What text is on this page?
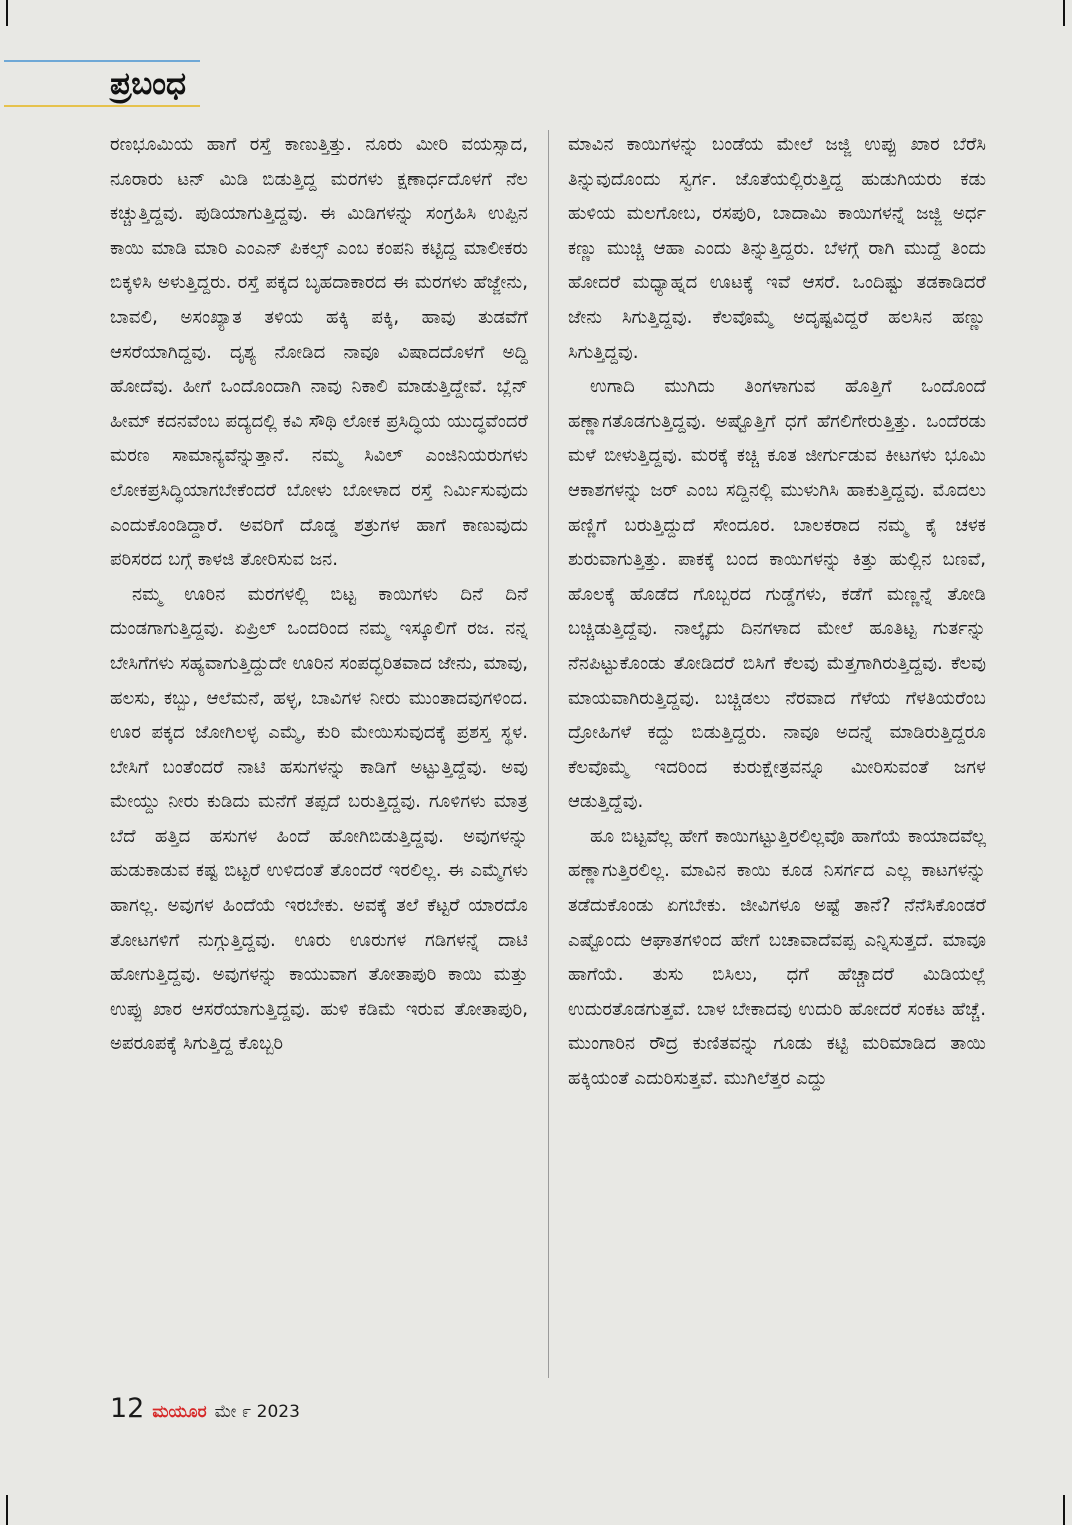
ಪ್ರಬಂಧ

ರಣಭೂಮಿಯ ಹಾಗೆ ರಸ್ತೆ ಕಾಣುತ್ತಿತ್ತು. ನೂರು ಮೀರಿ ವಯಸ್ಸಾದ, ನೂರಾರು ಟನ್ ಮಿಡಿ ಬಿಡುತ್ತಿದ್ದ ಮರಗಳು ಕ್ಷಣಾರ್ಧದೊಳಗೆ ನೆಲ ಕಚ್ಚುತ್ತಿದ್ದವು. ಪುಡಿಯಾಗುತ್ತಿದ್ದವು. ಈ ಮಿಡಿಗಳನ್ನು ಸಂಗ್ರಹಿಸಿ ಉಪ್ಪಿನ ಕಾಯಿ ಮಾಡಿ ಮಾರಿ ಎಂಎನ್ ಪಿಕಲ್ಸ್ ಎಂಬ ಕಂಪನಿ ಕಟ್ಟಿದ್ದ ಮಾಲೀಕರು ಬಿಕ್ಕಳಿಸಿ ಅಳುತ್ತಿದ್ದರು. ರಸ್ತೆ ಪಕ್ಕದ ಬೃಹದಾಕಾರದ ಈ ಮರಗಳು ಹೆಜ್ಜೇನು, ಬಾವಲಿ, ಅಸಂಖ್ಯಾತ ತಳಿಯ ಹಕ್ಕಿ ಪಕ್ಕಿ, ಹಾವು ತುಡವೆಗೆ ಆಸರೆಯಾಗಿದ್ದವು. ದೃಶ್ಯ ನೋಡಿದ ನಾವೂ ವಿಷಾದದೊಳಗೆ ಅದ್ದಿ ಹೋದೆವು. ಹೀಗೆ ಒಂದೊಂದಾಗಿ ನಾವು ನಿಕಾಲಿ ಮಾಡುತ್ತಿದ್ದೇವೆ. ಬ್ಲೆನ್ ಹೀಮ್ ಕದನವೆಂಬ ಪದ್ಯದಲ್ಲಿ ಕವಿ ಸೌಥಿ ಲೋಕ ಪ್ರಸಿದ್ಧಿಯ ಯುದ್ಧವೆಂದರೆ ಮರಣ ಸಾಮಾನ್ಯವೆನ್ನುತ್ತಾನೆ. ನಮ್ಮ ಸಿವಿಲ್ ಎಂಜಿನಿಯರುಗಳು ಲೋಕಪ್ರಸಿದ್ಧಿಯಾಗಬೇಕೆಂದರೆ ಬೋಳು ಬೋಳಾದ ರಸ್ತೆ ನಿರ್ಮಿಸುವುದು ಎಂದುಕೊಂಡಿದ್ದಾರೆ. ಅವರಿಗೆ ದೊಡ್ಡ ಶತ್ರುಗಳ ಹಾಗೆ ಕಾಣುವುದು ಪರಿಸರದ ಬಗ್ಗೆ ಕಾಳಜಿ ತೋರಿಸುವ ಜನ.

ನಮ್ಮ ಊರಿನ ಮರಗಳಲ್ಲಿ ಬಿಟ್ಟ ಕಾಯಿಗಳು ದಿನೆ ದಿನೆ ದುಂಡಗಾಗುತ್ತಿದ್ದವು. ಏಪ್ರಿಲ್ ಒಂದರಿಂದ ನಮ್ಮ ಇಸ್ಕೂಲಿಗೆ ರಜ. ನನ್ನ ಬೇಸಿಗೆಗಳು ಸಹ್ಯವಾಗುತ್ತಿದ್ದುದೇ ಊರಿನ ಸಂಪದ್ಭರಿತವಾದ ಜೇನು, ಮಾವು, ಹಲಸು, ಕಬ್ಬು, ಆಲೆಮನೆ, ಹಳ್ಳ, ಬಾವಿಗಳ ನೀರು ಮುಂತಾದವುಗಳಿಂದ. ಊರ ಪಕ್ಕದ ಜೋಗಿಲಳ್ಳ ಎಮ್ಮೆ, ಕುರಿ ಮೇಯಿಸುವುದಕ್ಕೆ ಪ್ರಶಸ್ತ ಸ್ಥಳ. ಬೇಸಿಗೆ ಬಂತೆಂದರೆ ನಾಟಿ ಹಸುಗಳನ್ನು ಕಾಡಿಗೆ ಅಟ್ಟುತ್ತಿದ್ದೆವು. ಅವು ಮೇಯ್ದು ನೀರು ಕುಡಿದು ಮನೆಗೆ ತಪ್ಪದೆ ಬರುತ್ತಿದ್ದವು. ಗೂಳಿಗಳು ಮಾತ್ರ ಬೆದೆ ಹತ್ತಿದ ಹಸುಗಳ ಹಿಂದೆ ಹೋಗಿಬಿಡುತ್ತಿದ್ದವು. ಅವುಗಳನ್ನು ಹುಡುಕಾಡುವ ಕಷ್ಟ ಬಿಟ್ಟರೆ ಉಳಿದಂತೆ ತೊಂದರೆ ಇರಲಿಲ್ಲ. ಈ ಎಮ್ಮೆಗಳು ಹಾಗಲ್ಲ. ಅವುಗಳ ಹಿಂದೆಯೆ ಇರಬೇಕು. ಅವಕ್ಕೆ ತಲೆ ಕೆಟ್ಟರೆ ಯಾರದೊ ತೋಟಗಳಿಗೆ ನುಗ್ಗುತ್ತಿದ್ದವು. ಊರು ಊರುಗಳ ಗಡಿಗಳನ್ನೆ ದಾಟಿ ಹೋಗುತ್ತಿದ್ದವು. ಅವುಗಳನ್ನು ಕಾಯುವಾಗ ತೋತಾಪುರಿ ಕಾಯಿ ಮತ್ತು ಉಪ್ಪು ಖಾರ ಆಸರೆಯಾಗುತ್ತಿದ್ದವು. ಹುಳಿ ಕಡಿಮೆ ಇರುವ ತೋತಾಪುರಿ, ಅಪರೂಪಕ್ಕೆ ಸಿಗುತ್ತಿದ್ದ ಕೊಬ್ಬರಿ

ಮಾವಿನ ಕಾಯಿಗಳನ್ನು ಬಂಡೆಯ ಮೇಲೆ ಜಜ್ಜಿ ಉಪ್ಪು ಖಾರ ಬೆರೆಸಿ ತಿನ್ನುವುದೊಂದು ಸ್ವರ್ಗ. ಜೊತೆಯಲ್ಲಿರುತ್ತಿದ್ದ ಹುಡುಗಿಯರು ಕಡು ಹುಳಿಯ ಮಲಗೋಬ, ರಸಪುರಿ, ಬಾದಾಮಿ ಕಾಯಿಗಳನ್ನೆ ಜಜ್ಜಿ ಅರ್ಧ ಕಣ್ಣು ಮುಚ್ಚಿ ಆಹಾ ಎಂದು ತಿನ್ನುತ್ತಿದ್ದರು. ಬೆಳಗ್ಗೆ ರಾಗಿ ಮುದ್ದೆ ತಿಂದು ಹೋದರೆ ಮಧ್ಯಾಹ್ನದ ಊಟಕ್ಕೆ ಇವೆ ಆಸರೆ. ಒಂದಿಷ್ಟು ತಡಕಾಡಿದರೆ ಜೇನು ಸಿಗುತ್ತಿದ್ದವು. ಕೆಲವೊಮ್ಮೆ ಅದೃಷ್ಟವಿದ್ದರೆ ಹಲಸಿನ ಹಣ್ಣು ಸಿಗುತ್ತಿದ್ದವು.

ಉಗಾದಿ ಮುಗಿದು ತಿಂಗಳಾಗುವ ಹೊತ್ತಿಗೆ ಒಂದೊಂದೆ ಹಣ್ಣಾಗತೊಡಗುತ್ತಿದ್ದವು. ಅಷ್ಟೊತ್ತಿಗೆ ಧಗೆ ಹೆಗಲಿಗೇರುತ್ತಿತ್ತು. ಒಂದೆರಡು ಮಳೆ ಬೀಳುತ್ತಿದ್ದವು. ಮರಕ್ಕೆ ಕಚ್ಚಿ ಕೂತ ಜೀರ್ಗುಡುವ ಕೀಟಗಳು ಭೂಮಿ ಆಕಾಶಗಳನ್ನು ಜರ್ ಎಂಬ ಸದ್ದಿನಲ್ಲಿ ಮುಳುಗಿಸಿ ಹಾಕುತ್ತಿದ್ದವು. ಮೊದಲು ಹಣ್ಣಿಗೆ ಬರುತ್ತಿದ್ದುದೆ ಸೇಂದೂರ. ಬಾಲಕರಾದ ನಮ್ಮ ಕೈ ಚಳಕ ಶುರುವಾಗುತ್ತಿತ್ತು. ಪಾಕಕ್ಕೆ ಬಂದ ಕಾಯಿಗಳನ್ನು ಕಿತ್ತು ಹುಲ್ಲಿನ ಬಣವೆ, ಹೊಲಕ್ಕೆ ಹೊಡೆದ ಗೊಬ್ಬರದ ಗುಡ್ಡೆಗಳು, ಕಡೆಗೆ ಮಣ್ಣನ್ನೆ ತೋಡಿ ಬಚ್ಚಿಡುತ್ತಿದ್ದೆವು. ನಾಲ್ಕೈದು ದಿನಗಳಾದ ಮೇಲೆ ಹೂತಿಟ್ಟ ಗುರ್ತನ್ನು ನೆನಪಿಟ್ಟುಕೊಂಡು ತೋಡಿದರೆ ಬಿಸಿಗೆ ಕೆಲವು ಮೆತ್ತಗಾಗಿರುತ್ತಿದ್ದವು. ಕೆಲವು ಮಾಯವಾಗಿರುತ್ತಿದ್ದವು. ಬಚ್ಚಿಡಲು ನೆರವಾದ ಗೆಳೆಯ ಗೆಳತಿಯರೆಂಬ ದ್ರೋಹಿಗಳೆ ಕದ್ದು ಬಿಡುತ್ತಿದ್ದರು. ನಾವೂ ಅದನ್ನೆ ಮಾಡಿರುತ್ತಿದ್ದರೂ ಕೆಲವೊಮ್ಮೆ ಇದರಿಂದ ಕುರುಕ್ಷೇತ್ರವನ್ನೂ ಮೀರಿಸುವಂತೆ ಜಗಳ ಆಡುತ್ತಿದ್ದೆವು.

ಹೂ ಬಿಟ್ಟವೆಲ್ಲ ಹೇಗೆ ಕಾಯಿಗಟ್ಟುತ್ತಿರಲಿಲ್ಲವೊ ಹಾಗೆಯೆ ಕಾಯಾದವೆಲ್ಲ ಹಣ್ಣಾಗುತ್ತಿರಲಿಲ್ಲ. ಮಾವಿನ ಕಾಯಿ ಕೂಡ ನಿಸರ್ಗದ ಎಲ್ಲ ಕಾಟಗಳನ್ನು ತಡೆದುಕೊಂಡು ಏಗಬೇಕು. ಜೀವಿಗಳೂ ಅಷ್ಟೆ ತಾನೆ? ನೆನೆಸಿಕೊಂಡರೆ ಎಷ್ಟೊಂದು ಆಘಾತಗಳಿಂದ ಹೇಗೆ ಬಚಾವಾದೆವಪ್ಪ ಎನ್ನಿಸುತ್ತದೆ. ಮಾವೂ ಹಾಗೆಯೆ. ತುಸು ಬಿಸಿಲು, ಧಗೆ ಹೆಚ್ಚಾದರೆ ಮಿಡಿಯಲ್ಲೆ ಉದುರತೊಡಗುತ್ತವೆ. ಬಾಳ ಬೇಕಾದವು ಉದುರಿ ಹೋದರೆ ಸಂಕಟ ಹೆಚ್ಚೆ. ಮುಂಗಾರಿನ ರೌದ್ರ ಕುಣಿತವನ್ನು ಗೂಡು ಕಟ್ಟಿ ಮರಿಮಾಡಿದ ತಾಯಿ ಹಕ್ಕಿಯಂತೆ ಎದುರಿಸುತ್ತವೆ. ಮುಗಿಲೆತ್ತರ ಎದ್ದು

12 ಮಯೂರ ಮೇ ೯ 2023
